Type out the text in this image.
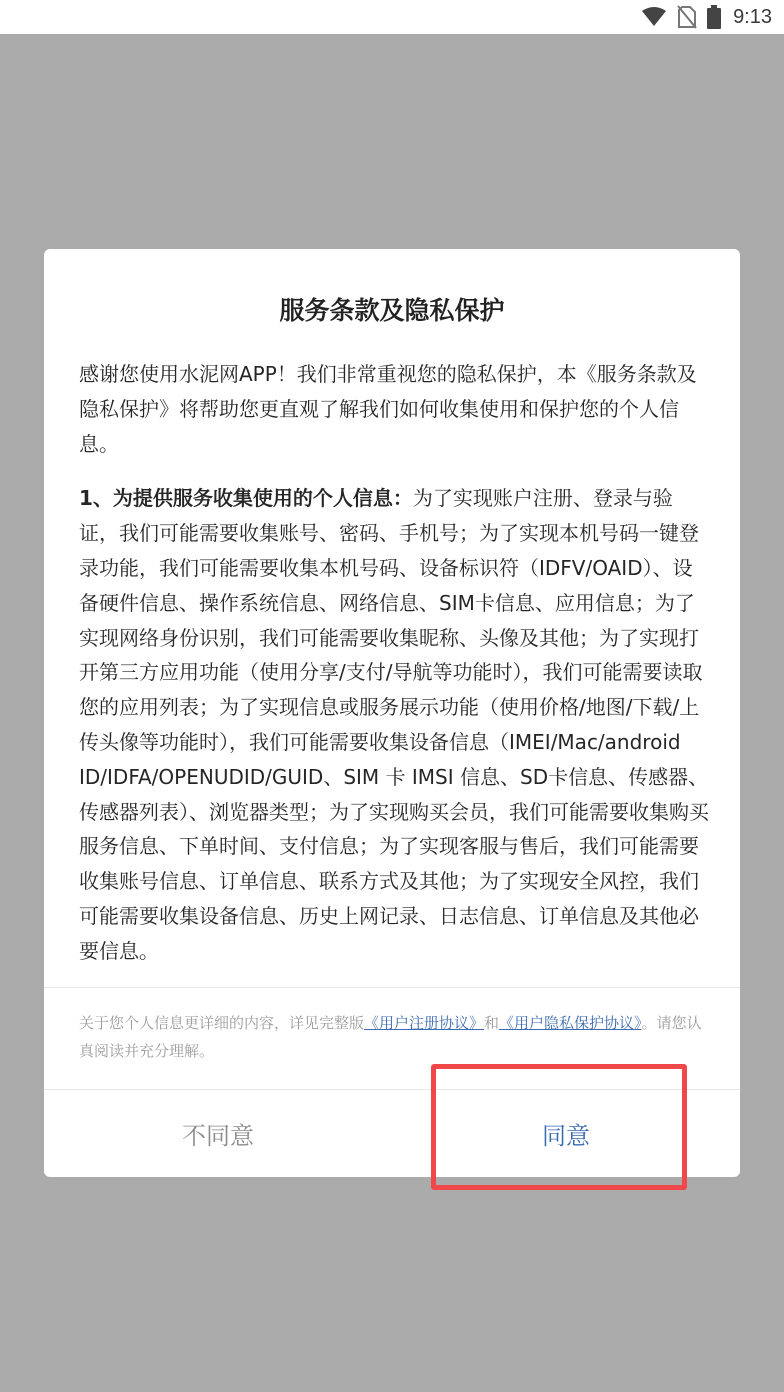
9:13
服务条款及隐私保护

感谢您使用水泥网APP！我们非常重视您的隐私保护，本《服务条款及隐私保护》将帮助您更直观了解我们如何收集使用和保护您的个人信息。

1、为提供服务收集使用的个人信息：为了实现账户注册、登录与验证，我们可能需要收集账号、密码、手机号；为了实现本机号码一键登录功能，我们可能需要收集本机号码、设备标识符（IDFV/OAID）、设备硬件信息、操作系统信息、网络信息、SIM卡信息、应用信息；为了实现网络身份识别，我们可能需要收集昵称、头像及其他；为了实现打开第三方应用功能（使用分享/支付/导航等功能时），我们可能需要读取您的应用列表；为了实现信息或服务展示功能（使用价格/地图/下载/上传头像等功能时），我们可能需要收集设备信息（IMEI/Mac/android ID/IDFA/OPENUDID/GUID、SIM 卡 IMSI 信息、SD卡信息、传感器、传感器列表）、浏览器类型；为了实现购买会员，我们可能需要收集购买服务信息、下单时间、支付信息；为了实现客服与售后，我们可能需要收集账号信息、订单信息、联系方式及其他；为了实现安全风控，我们可能需要收集设备信息、历史上网记录、日志信息、订单信息及其他必要信息。

关于您个人信息更详细的内容，详见完整版《用户注册协议》和《用户隐私保护协议》。请您认真阅读并充分理解。
不同意	同意
